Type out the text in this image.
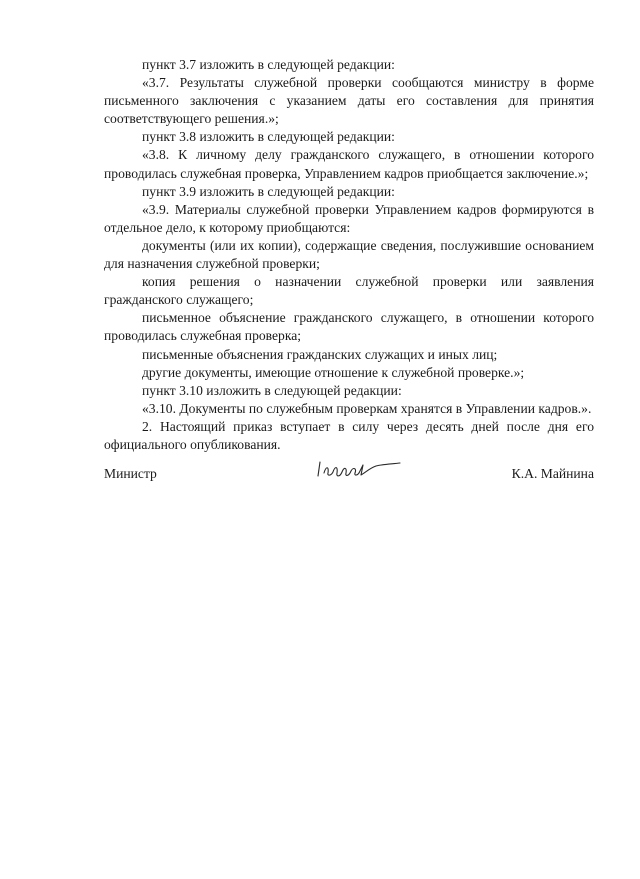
пункт 3.7 изложить в следующей редакции:

«3.7. Результаты служебной проверки сообщаются министру в форме письменного заключения с указанием даты его составления для принятия соответствующего решения.»;

пункт 3.8 изложить в следующей редакции:

«3.8. К личному делу гражданского служащего, в отношении которого проводилась служебная проверка, Управлением кадров приобщается заключение.»;

пункт 3.9 изложить в следующей редакции:

«3.9. Материалы служебной проверки Управлением кадров формируются в отдельное дело, к которому приобщаются:

документы (или их копии), содержащие сведения, послужившие основанием для назначения служебной проверки;

копия решения о назначении служебной проверки или заявления гражданского служащего;

письменное объяснение гражданского служащего, в отношении которого проводилась служебная проверка;

письменные объяснения гражданских служащих и иных лиц;

другие документы, имеющие отношение к служебной проверке.»;

пункт 3.10 изложить в следующей редакции:

«3.10. Документы по служебным проверкам хранятся в Управлении кадров.».

2. Настоящий приказ вступает в силу через десять дней после дня его официального опубликования.

Министр	К.А. Майнина
